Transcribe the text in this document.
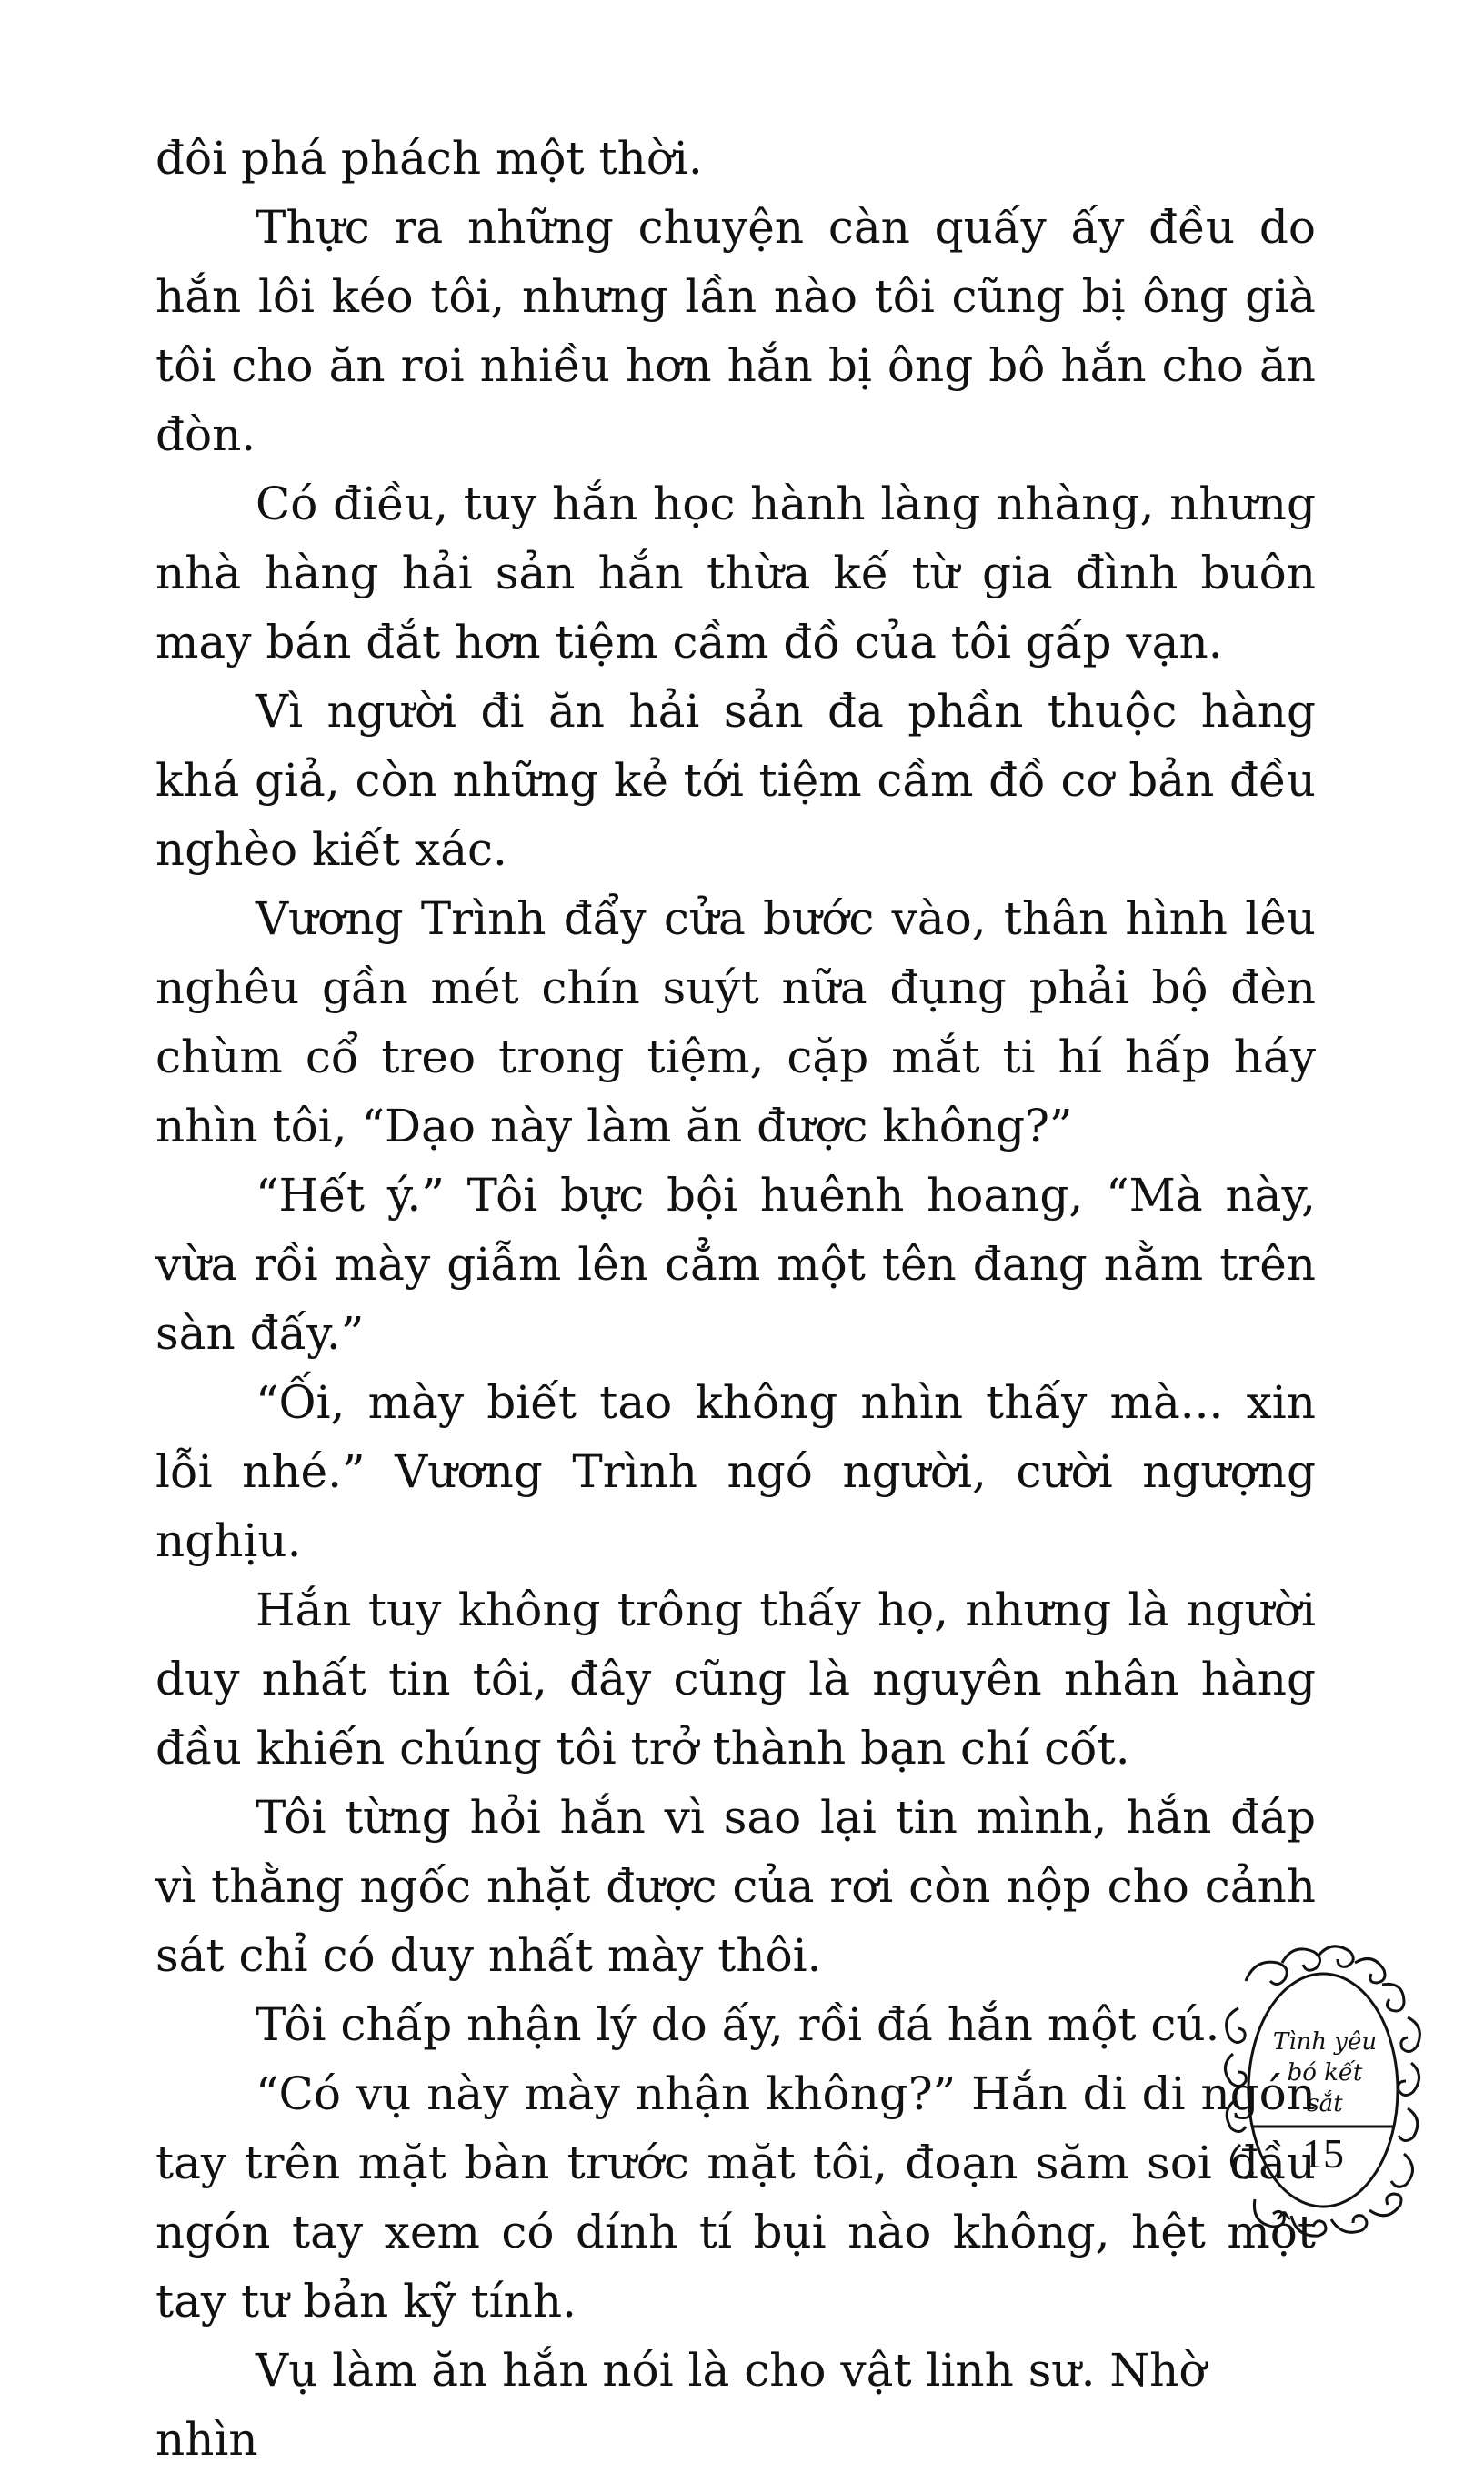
đôi phá phách một thời.

Thực ra những chuyện càn quấy ấy đều do hắn lôi kéo tôi, nhưng lần nào tôi cũng bị ông già tôi cho ăn roi nhiều hơn hắn bị ông bô hắn cho ăn đòn.

Có điều, tuy hắn học hành làng nhàng, nhưng nhà hàng hải sản hắn thừa kế từ gia đình buôn may bán đắt hơn tiệm cầm đồ của tôi gấp vạn.

Vì người đi ăn hải sản đa phần thuộc hàng khá giả, còn những kẻ tới tiệm cầm đồ cơ bản đều nghèo kiết xác.

Vương Trình đẩy cửa bước vào, thân hình lêu nghêu gần mét chín suýt nữa đụng phải bộ đèn chùm cổ treo trong tiệm, cặp mắt ti hí hấp háy nhìn tôi, “Dạo này làm ăn được không?”

“Hết ý.” Tôi bực bội huênh hoang, “Mà này, vừa rồi mày giẫm lên cẳm một tên đang nằm trên sàn đấy.”

“Ối, mày biết tao không nhìn thấy mà... xin lỗi nhé.” Vương Trình ngó người, cười ngượng nghịu.

Hắn tuy không trông thấy họ, nhưng là người duy nhất tin tôi, đây cũng là nguyên nhân hàng đầu khiến chúng tôi trở thành bạn chí cốt.

Tôi từng hỏi hắn vì sao lại tin mình, hắn đáp vì thằng ngốc nhặt được của rơi còn nộp cho cảnh sát chỉ có duy nhất mày thôi.

Tôi chấp nhận lý do ấy, rồi đá hắn một cú.

“Có vụ này mày nhận không?” Hắn di di ngón tay trên mặt bàn trước mặt tôi, đoạn săm soi đầu ngón tay xem có dính tí bụi nào không, hệt một tay tư bản kỹ tính.

Vụ làm ăn hắn nói là cho vật linh sư. Nhờ nhìn

Tình yêu
bó kết sắt
15
